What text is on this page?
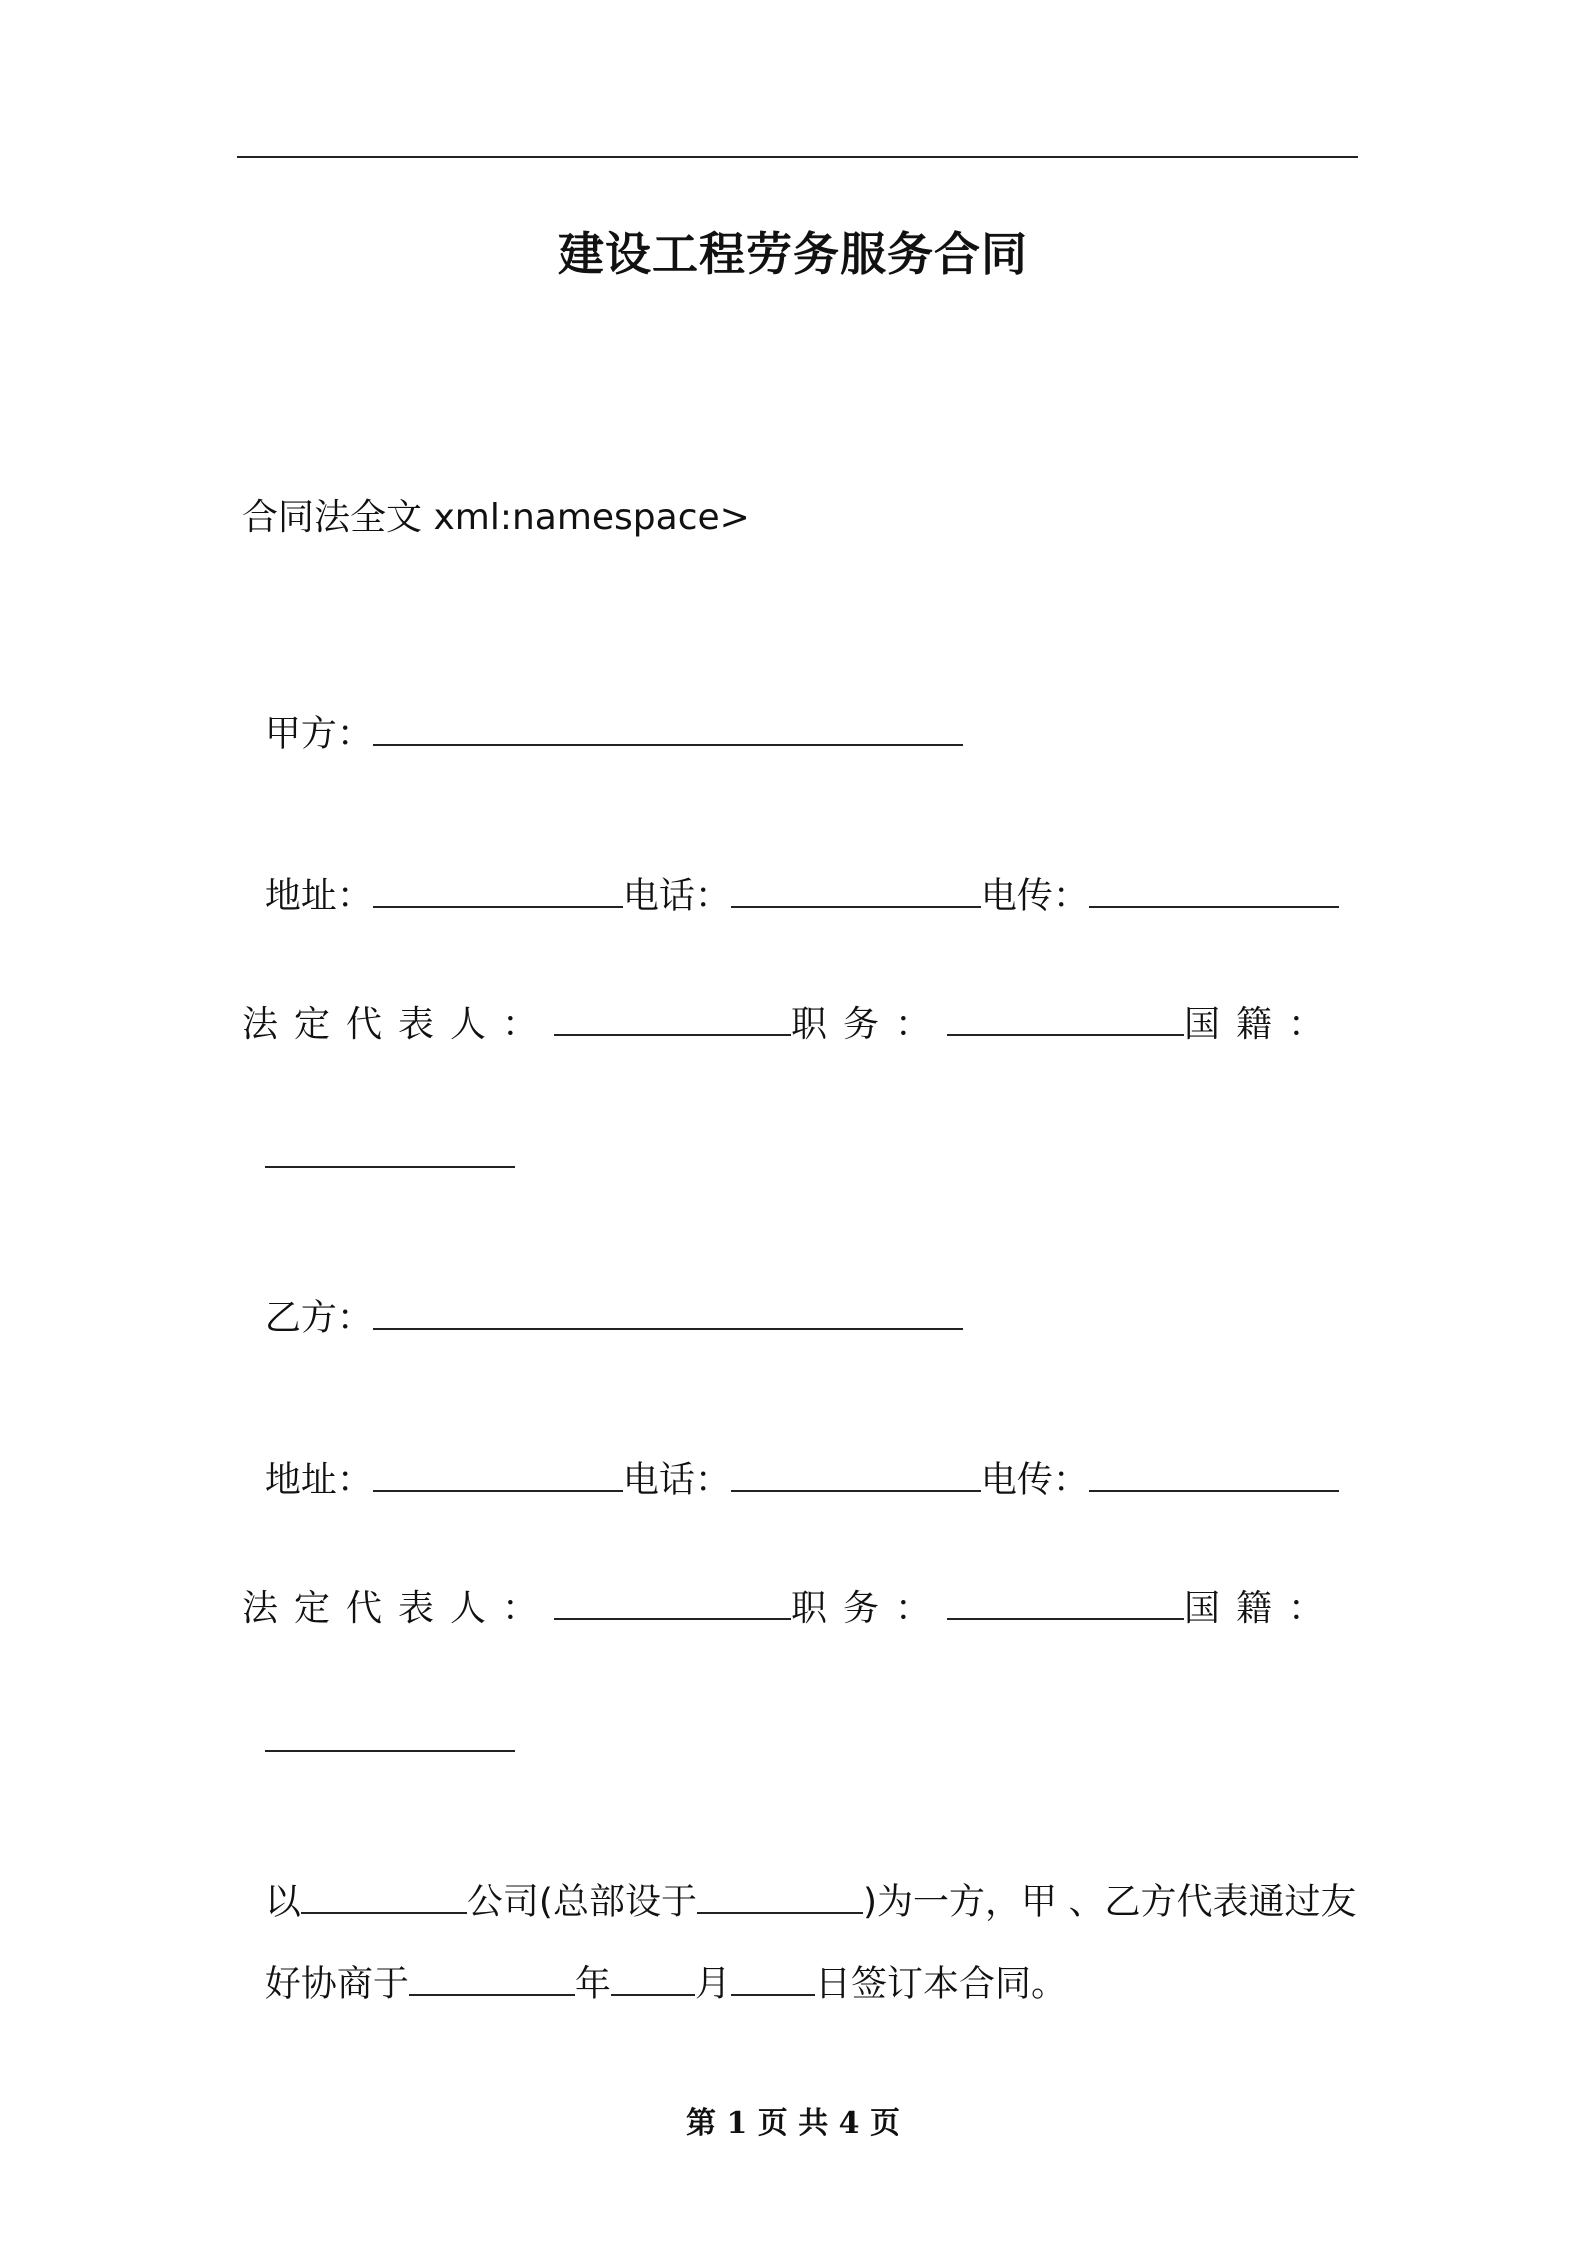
建设工程劳务服务合同
合同法全文 xml:namespace>

甲方：

地址：	电话：	电传：

法定代表人：	职务：	国籍：

乙方：

地址：	电话：	电传：

法定代表人：	职务：	国籍：

以	公司(总部设于	)为一方，甲 、乙方代表通过友

好协商于	年 月 日签订本合同。

第 1 页 共 4 页
